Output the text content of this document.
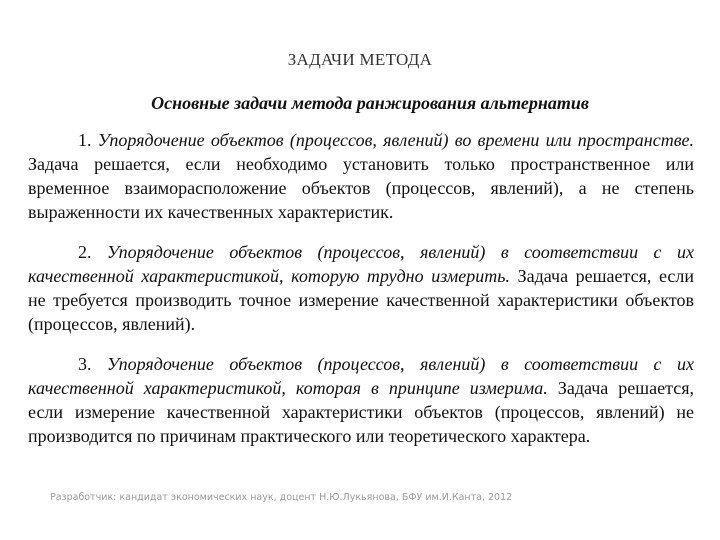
ЗАДАЧИ МЕТОДА
Основные задачи метода ранжирования альтернатив

1. Упорядочение объектов (процессов, явлений) во времени или пространстве. Задача решается, если необходимо установить только пространственное или временное взаиморасположение объектов (процессов, явлений), а не степень выраженности их качественных характеристик.

2. Упорядочение объектов (процессов, явлений) в соответствии с их качественной характеристикой, которую трудно измерить. Задача решается, если не требуется производить точное измерение качественной характеристики объектов (процессов, явлений).

3. Упорядочение объектов (процессов, явлений) в соответствии с их качественной характеристикой, которая в принципе измерима. Задача решается, если измерение качественной характеристики объектов (процессов, явлений) не производится по причинам практического или теоретического характера.

Разработчик: кандидат экономических наук, доцент Н.Ю.Лукьянова, БФУ им.И.Канта, 2012
